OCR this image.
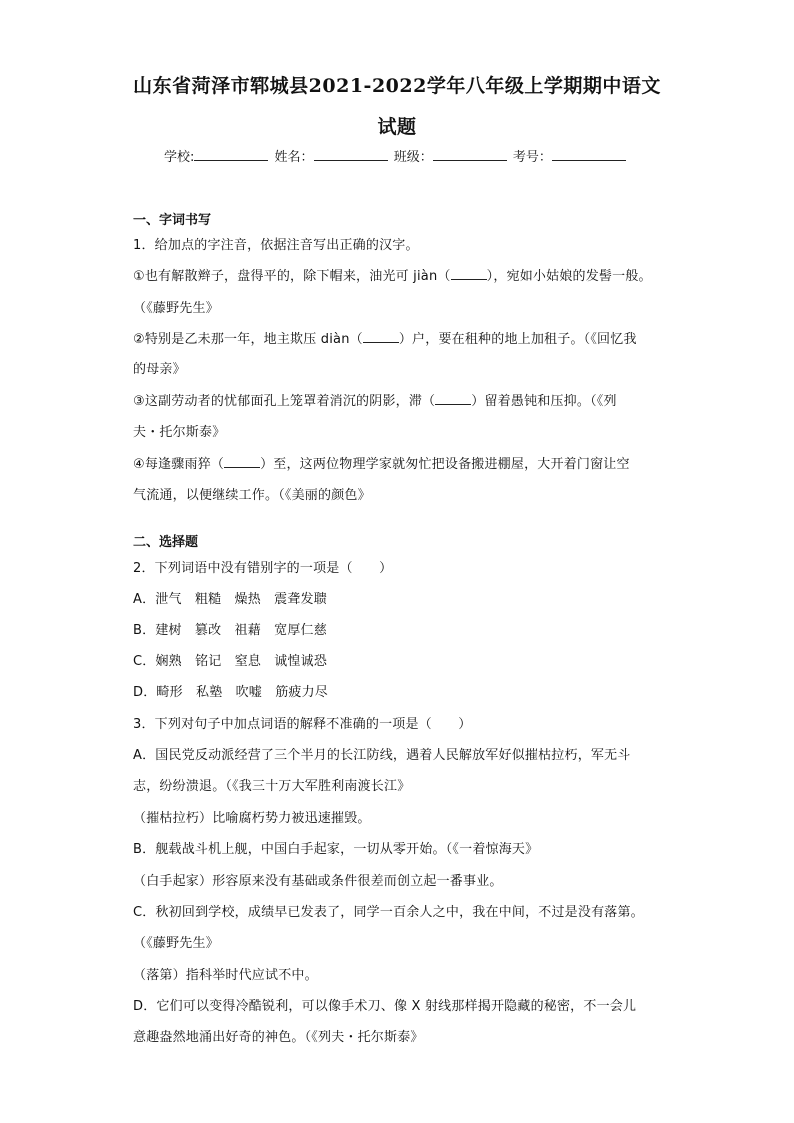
山东省菏泽市郓城县2021-2022学年八年级上学期期中语文
试题
学校:	姓名：	班级：	考号：
一、字词书写
1．给加点的字注音，依据注音写出正确的汉字。
①也有解散辫子，盘得平的，除下帽来，油光可 jiàn（	），宛如小姑娘的发髻一般。
（《藤野先生》
②特别是乙未那一年，地主欺压 diàn（	）户，要在租种的地上加租子。（《回忆我
的母亲》
③这副劳动者的忧郁面孔上笼罩着消沉的阴影，滞（	）留着愚钝和压抑。（《列
夫・托尔斯泰》
④每逢骤雨猝（	）至，这两位物理学家就匆忙把设备搬进棚屋，大开着门窗让空
气流通，以便继续工作。（《美丽的颜色》
二、选择题
2．下列词语中没有错别字的一项是（　　）
A．泄气　粗糙　燥热　震聋发聩
B．建树　篡改　祖藉　宽厚仁慈
C．娴熟　铭记　窒息　诚惶诚恐
D．畸形　私塾　吹嘘　筋疲力尽
3．下列对句子中加点词语的解释不准确的一项是（　　）
A．国民党反动派经营了三个半月的长江防线，遇着人民解放军好似摧枯拉朽，军无斗
志，纷纷溃退。（《我三十万大军胜利南渡长江》
（摧枯拉朽）比喻腐朽势力被迅速摧毁。
B．舰载战斗机上舰，中国白手起家，一切从零开始。（《一着惊海天》
（白手起家）形容原来没有基础或条件很差而创立起一番事业。
C．秋初回到学校，成绩早已发表了，同学一百余人之中，我在中间，不过是没有落第。
（《藤野先生》
（落第）指科举时代应试不中。
D．它们可以变得冷酷锐利，可以像手术刀、像 X 射线那样揭开隐藏的秘密，不一会儿
意趣盎然地涌出好奇的神色。（《列夫・托尔斯泰》
